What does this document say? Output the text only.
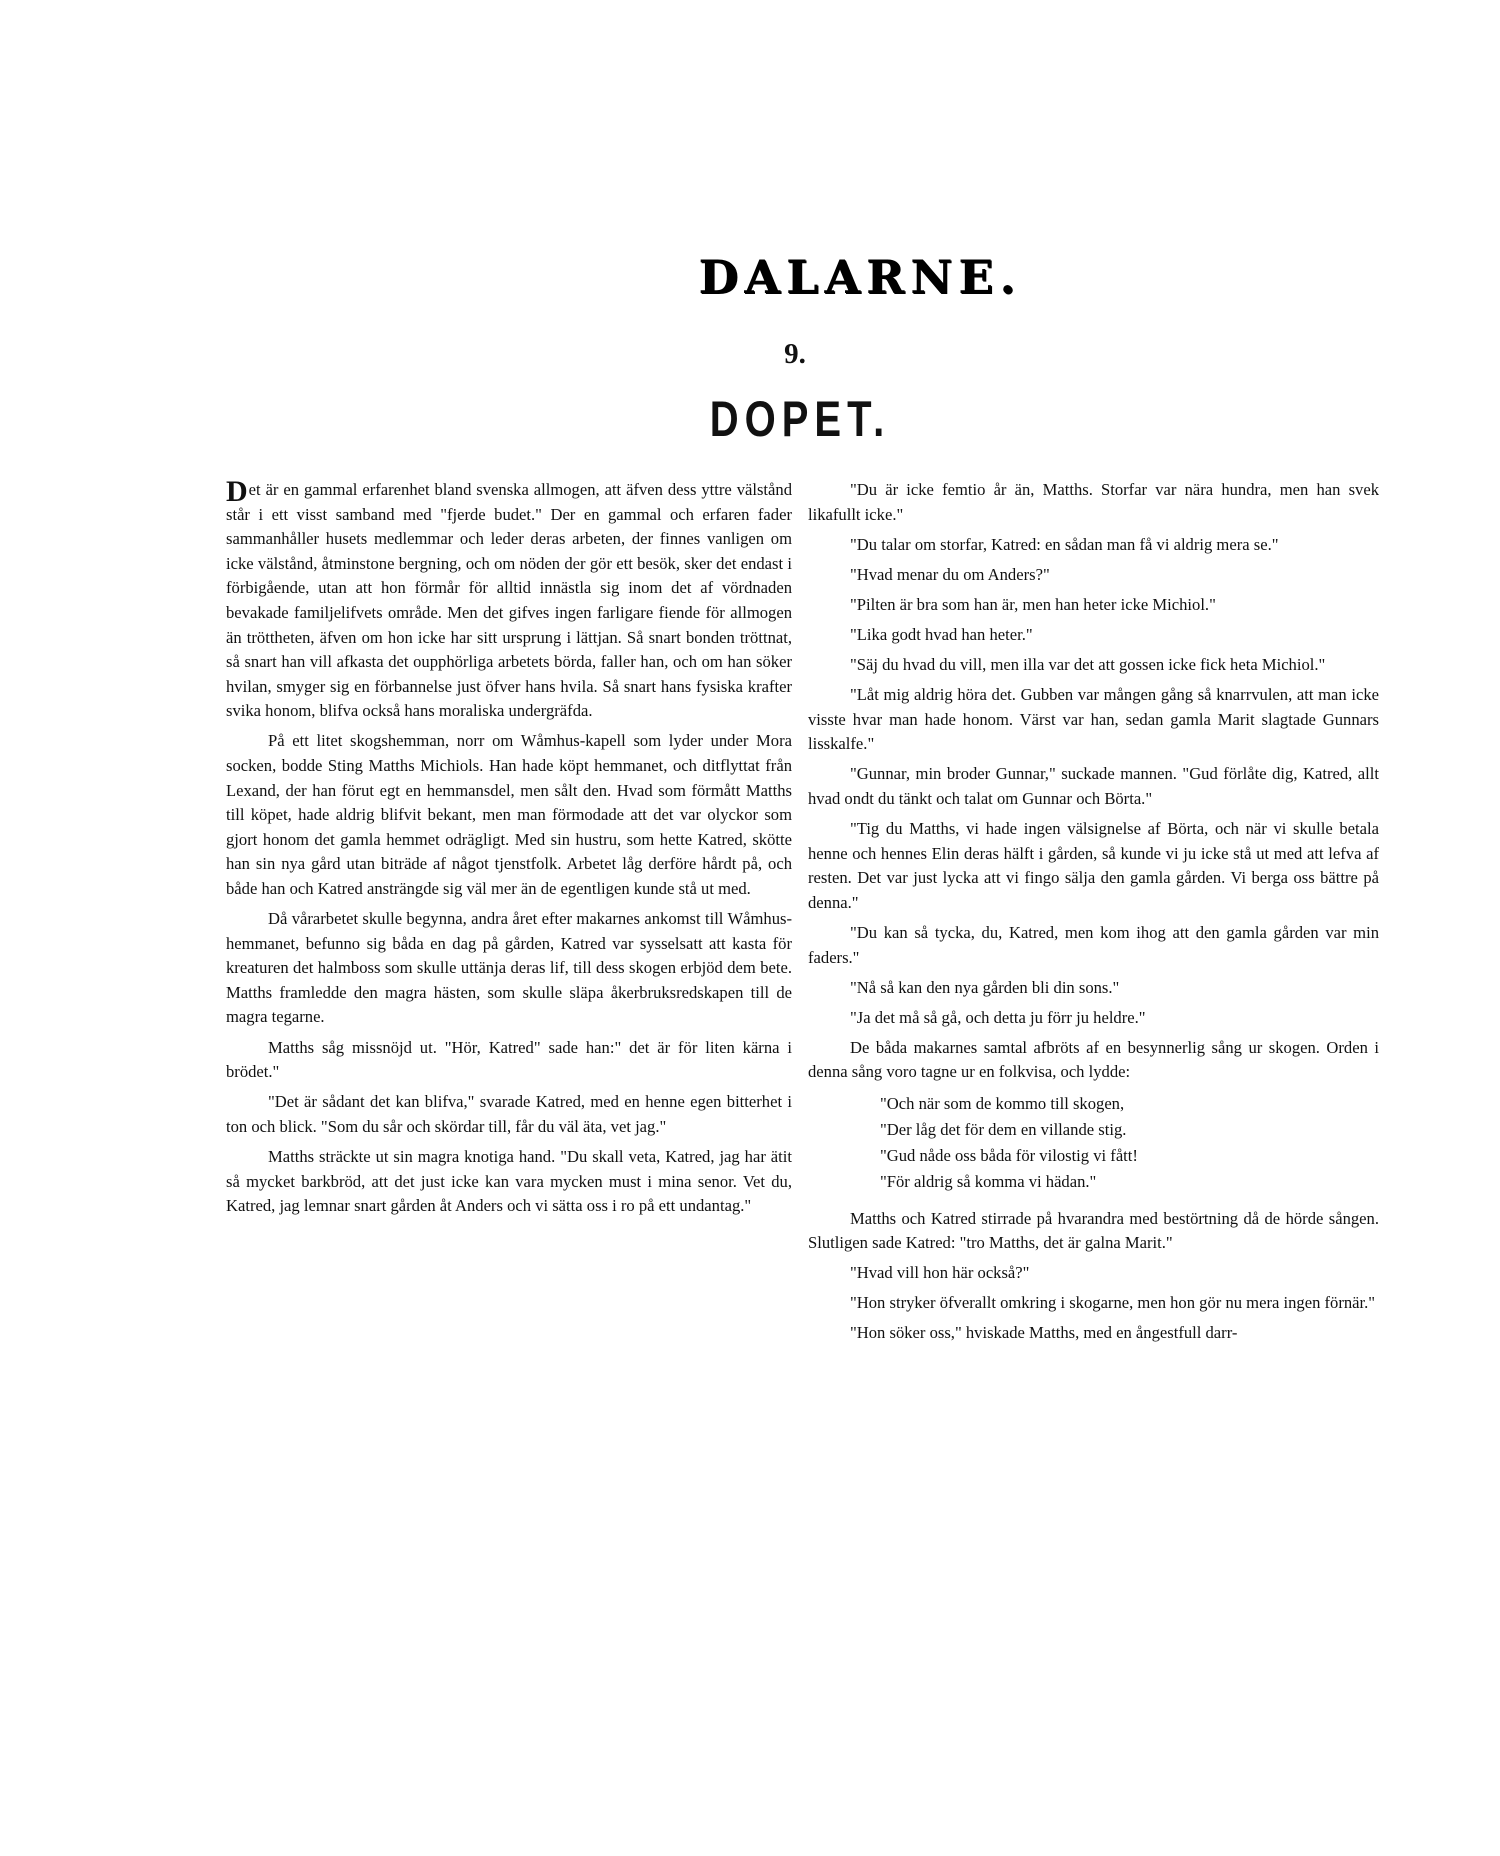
DALARNE.
9.
DOPET.

Det är en gammal erfarenhet bland svenska allmogen, att äfven dess yttre välstånd står i ett visst samband med "fjerde budet." Der en gammal och erfaren fader sammanhåller husets medlemmar och leder deras arbeten, der finnes vanligen om icke välstånd, åtminstone bergning, och om nöden der gör ett besök, sker det endast i förbigående, utan att hon förmår för alltid innästla sig inom det af vördnaden bevakade familjelifvets område. Men det gifves ingen farligare fiende för allmogen än tröttheten, äfven om hon icke har sitt ursprung i lättjan. Så snart bonden tröttnat, så snart han vill afkasta det oupphörliga arbetets börda, faller han, och om han söker hvilan, smyger sig en förbannelse just öfver hans hvila. Så snart hans fysiska krafter svika honom, blifva också hans moraliska undergräfda.

På ett litet skogshemman, norr om Wåmhus-kapell som lyder under Mora socken, bodde Sting Matths Michiols. Han hade köpt hemmanet, och ditflyttat från Lexand, der han förut egt en hemmansdel, men sålt den. Hvad som förmått Matths till köpet, hade aldrig blifvit bekant, men man förmodade att det var olyckor som gjort honom det gamla hemmet odrägligt. Med sin hustru, som hette Katred, skötte han sin nya gård utan biträde af något tjenstfolk. Arbetet låg derföre hårdt på, och både han och Katred ansträngde sig väl mer än de egentligen kunde stå ut med.

Då vårarbetet skulle begynna, andra året efter makarnes ankomst till Wåmhus-hemmanet, befunno sig båda en dag på gården, Katred var sysselsatt att kasta för kreaturen det halmboss som skulle uttänja deras lif, till dess skogen erbjöd dem bete. Matths framledde den magra hästen, som skulle släpa åkerbruksredskapen till de magra tegarne.

Matths såg missnöjd ut. "Hör, Katred" sade han:" det är för liten kärna i brödet."

"Det är sådant det kan blifva," svarade Katred, med en henne egen bitterhet i ton och blick. "Som du sår och skördar till, får du väl äta, vet jag."

Matths sträckte ut sin magra knotiga hand. "Du skall veta, Katred, jag har ätit så mycket barkbröd, att det just icke kan vara mycken must i mina senor. Vet du, Katred, jag lemnar snart gården åt Anders och vi sätta oss i ro på ett undantag."

"Du är icke femtio år än, Matths. Storfar var nära hundra, men han svek likafullt icke."

"Du talar om storfar, Katred: en sådan man få vi aldrig mera se."

"Hvad menar du om Anders?"

"Pilten är bra som han är, men han heter icke Michiol."

"Lika godt hvad han heter."

"Säj du hvad du vill, men illa var det att gossen icke fick heta Michiol."

"Låt mig aldrig höra det. Gubben var mången gång så knarrvulen, att man icke visste hvar man hade honom. Värst var han, sedan gamla Marit slagtade Gunnars lisskalfe."

"Gunnar, min broder Gunnar," suckade mannen. "Gud förlåte dig, Katred, allt hvad ondt du tänkt och talat om Gunnar och Börta."

"Tig du Matths, vi hade ingen välsignelse af Börta, och när vi skulle betala henne och hennes Elin deras hälft i gården, så kunde vi ju icke stå ut med att lefva af resten. Det var just lycka att vi fingo sälja den gamla gården. Vi berga oss bättre på denna."

"Du kan så tycka, du, Katred, men kom ihog att den gamla gården var min faders."

"Nå så kan den nya gården bli din sons."

"Ja det må så gå, och detta ju förr ju heldre."

De båda makarnes samtal afbröts af en besynnerlig sång ur skogen. Orden i denna sång voro tagne ur en folkvisa, och lydde:

"Och när som de kommo till skogen,
"Der låg det för dem en villande stig.
"Gud nåde oss båda för vilostig vi fått!
"För aldrig så komma vi hädan."

Matths och Katred stirrade på hvarandra med bestörtning då de hörde sången. Slutligen sade Katred: "tro Matths, det är galna Marit."

"Hvad vill hon här också?"

"Hon stryker öfverallt omkring i skogarne, men hon gör nu mera ingen förnär."

"Hon söker oss," hviskade Matths, med en ångestfull darr-
